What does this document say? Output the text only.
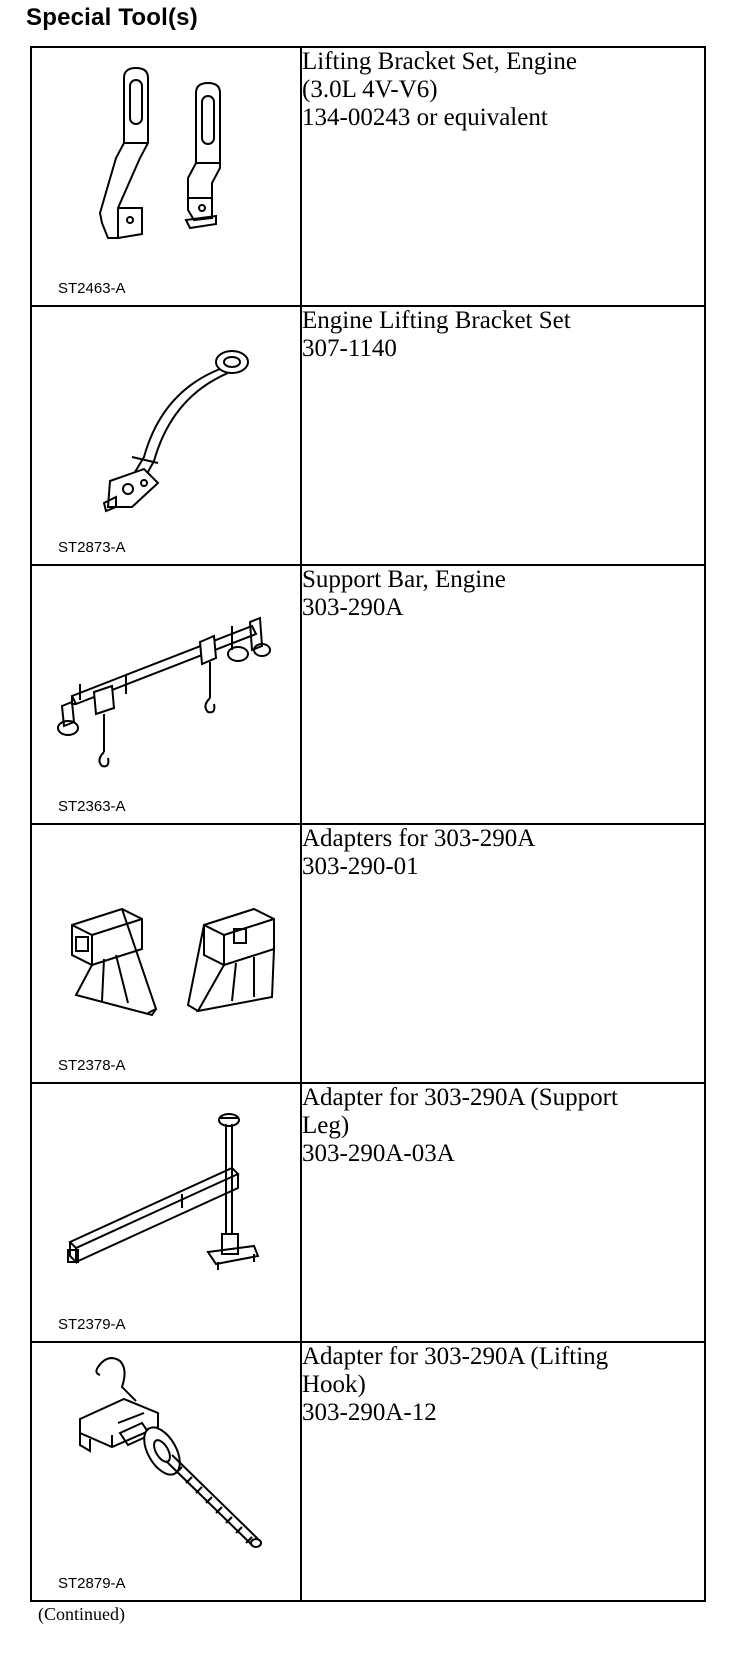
Special Tool(s)
ST2463-A	Lifting Bracket Set, Engine
(3.0L 4V-V6)
134-00243 or equivalent

ST2873-A	Engine Lifting Bracket Set
307-1140

ST2363-A	Support Bar, Engine
303-290A

ST2378-A	Adapters for 303-290A
303-290-01

ST2379-A	Adapter for 303-290A (Support
Leg)
303-290A-03A

ST2879-A	Adapter for 303-290A (Lifting
Hook)
303-290A-12
(Continued)
